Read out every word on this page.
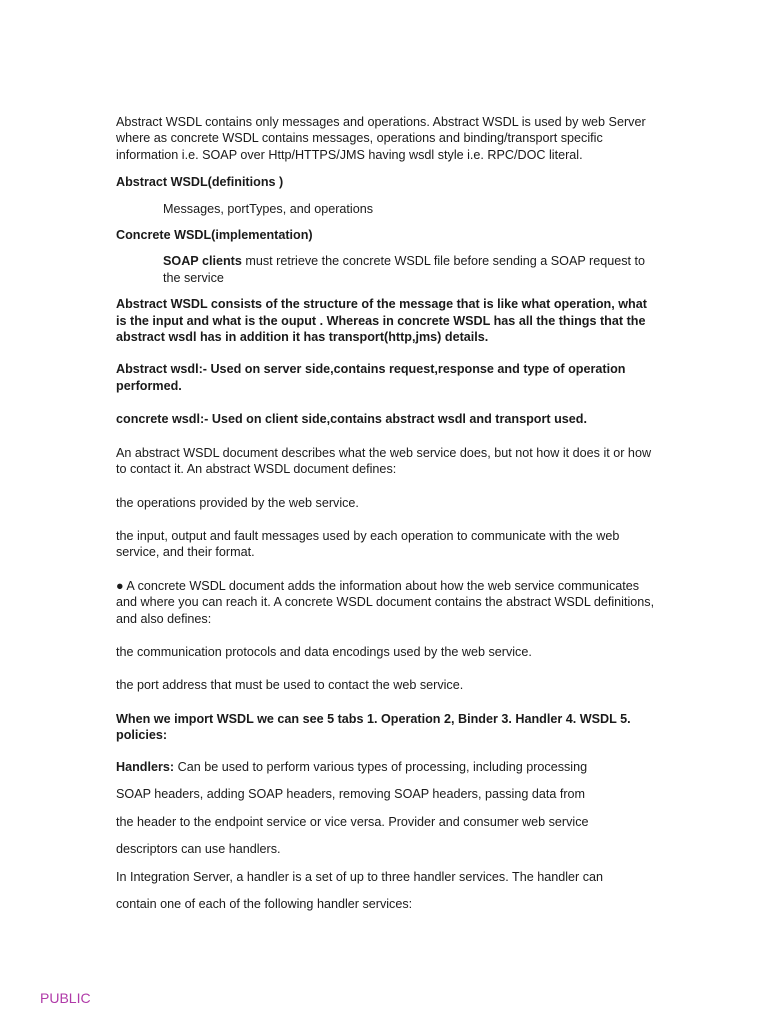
Abstract WSDL contains only messages and operations. Abstract WSDL is used by web Server where as concrete WSDL contains messages, operations and binding/transport specific information i.e. SOAP over Http/HTTPS/JMS having wsdl style i.e. RPC/DOC literal.

Abstract WSDL(definitions )

Messages, portTypes, and operations

Concrete WSDL(implementation)

SOAP clients must retrieve the concrete WSDL file before sending a SOAP request to the service

Abstract WSDL consists of the structure of the message that is like what operation, what is the input and what is the ouput . Whereas in concrete WSDL has all the things that the abstract wsdl has in addition it has transport(http,jms) details.

Abstract wsdl:- Used on server side,contains request,response and type of operation performed.

concrete wsdl:- Used on client side,contains abstract wsdl and transport used.

An abstract WSDL document describes what the web service does, but not how it does it or how to contact it. An abstract WSDL document defines:

the operations provided by the web service.

the input, output and fault messages used by each operation to communicate with the web service, and their format.

● A concrete WSDL document adds the information about how the web service communicates and where you can reach it. A concrete WSDL document contains the abstract WSDL definitions, and also defines:

the communication protocols and data encodings used by the web service.

the port address that must be used to contact the web service.

When we import WSDL we can see 5 tabs 1. Operation 2, Binder 3. Handler 4. WSDL 5. policies:

Handlers: Can be used to perform various types of processing, including processing

SOAP headers, adding SOAP headers, removing SOAP headers, passing data from

the header to the endpoint service or vice versa. Provider and consumer web service

descriptors can use handlers.

In Integration Server, a handler is a set of up to three handler services. The handler can

contain one of each of the following handler services:

PUBLIC
